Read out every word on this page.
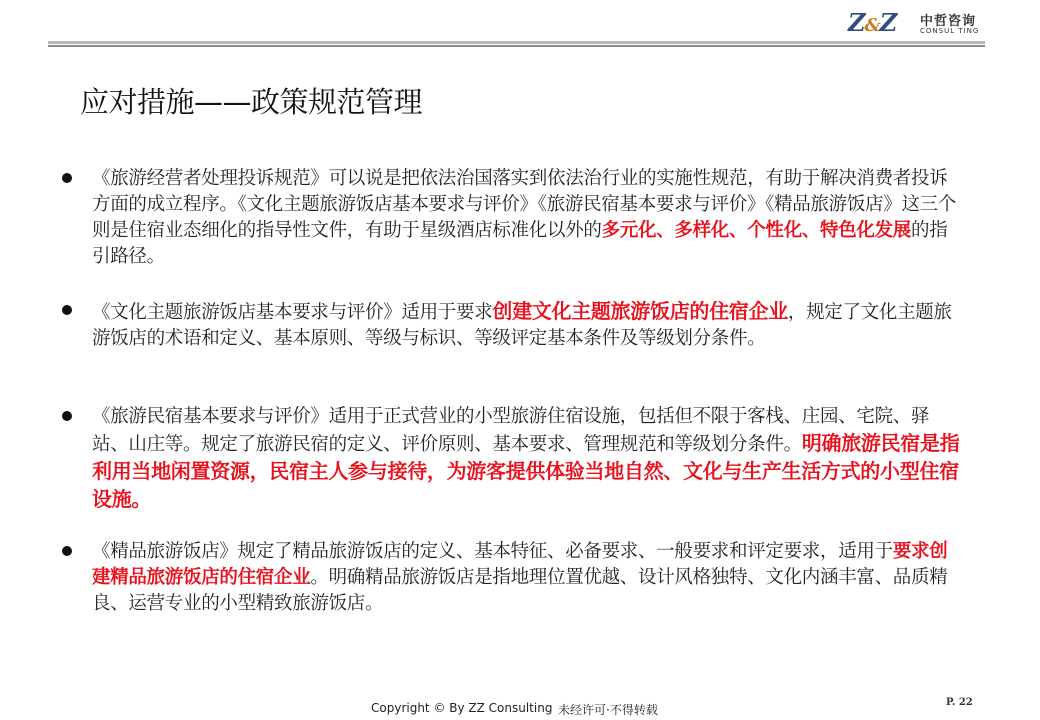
Z&Z 中哲咨询
CONSUL TING
应对措施——政策规范管理
《旅游经营者处理投诉规范》可以说是把依法治国落实到依法治行业的实施性规范，有助于解决消费者投诉方面的成立程序。《文化主题旅游饭店基本要求与评价》《旅游民宿基本要求与评价》《精品旅游饭店》这三个则是住宿业态细化的指导性文件，有助于星级酒店标准化以外的多元化、多样化、个性化、特色化发展的指引路径。
《文化主题旅游饭店基本要求与评价》适用于要求创建文化主题旅游饭店的住宿企业，规定了文化主题旅游饭店的术语和定义、基本原则、等级与标识、等级评定基本条件及等级划分条件。
《旅游民宿基本要求与评价》适用于正式营业的小型旅游住宿设施，包括但不限于客栈、庄园、宅院、驿站、山庄等。规定了旅游民宿的定义、评价原则、基本要求、管理规范和等级划分条件。明确旅游民宿是指利用当地闲置资源，民宿主人参与接待，为游客提供体验当地自然、文化与生产生活方式的小型住宿设施。
《精品旅游饭店》规定了精品旅游饭店的定义、基本特征、必备要求、一般要求和评定要求，适用于要求创建精品旅游饭店的住宿企业。明确精品旅游饭店是指地理位置优越、设计风格独特、文化内涵丰富、品质精良、运营专业的小型精致旅游饭店。
Copyright © By ZZ Consulting 未经许可·不得转载
P. 22
